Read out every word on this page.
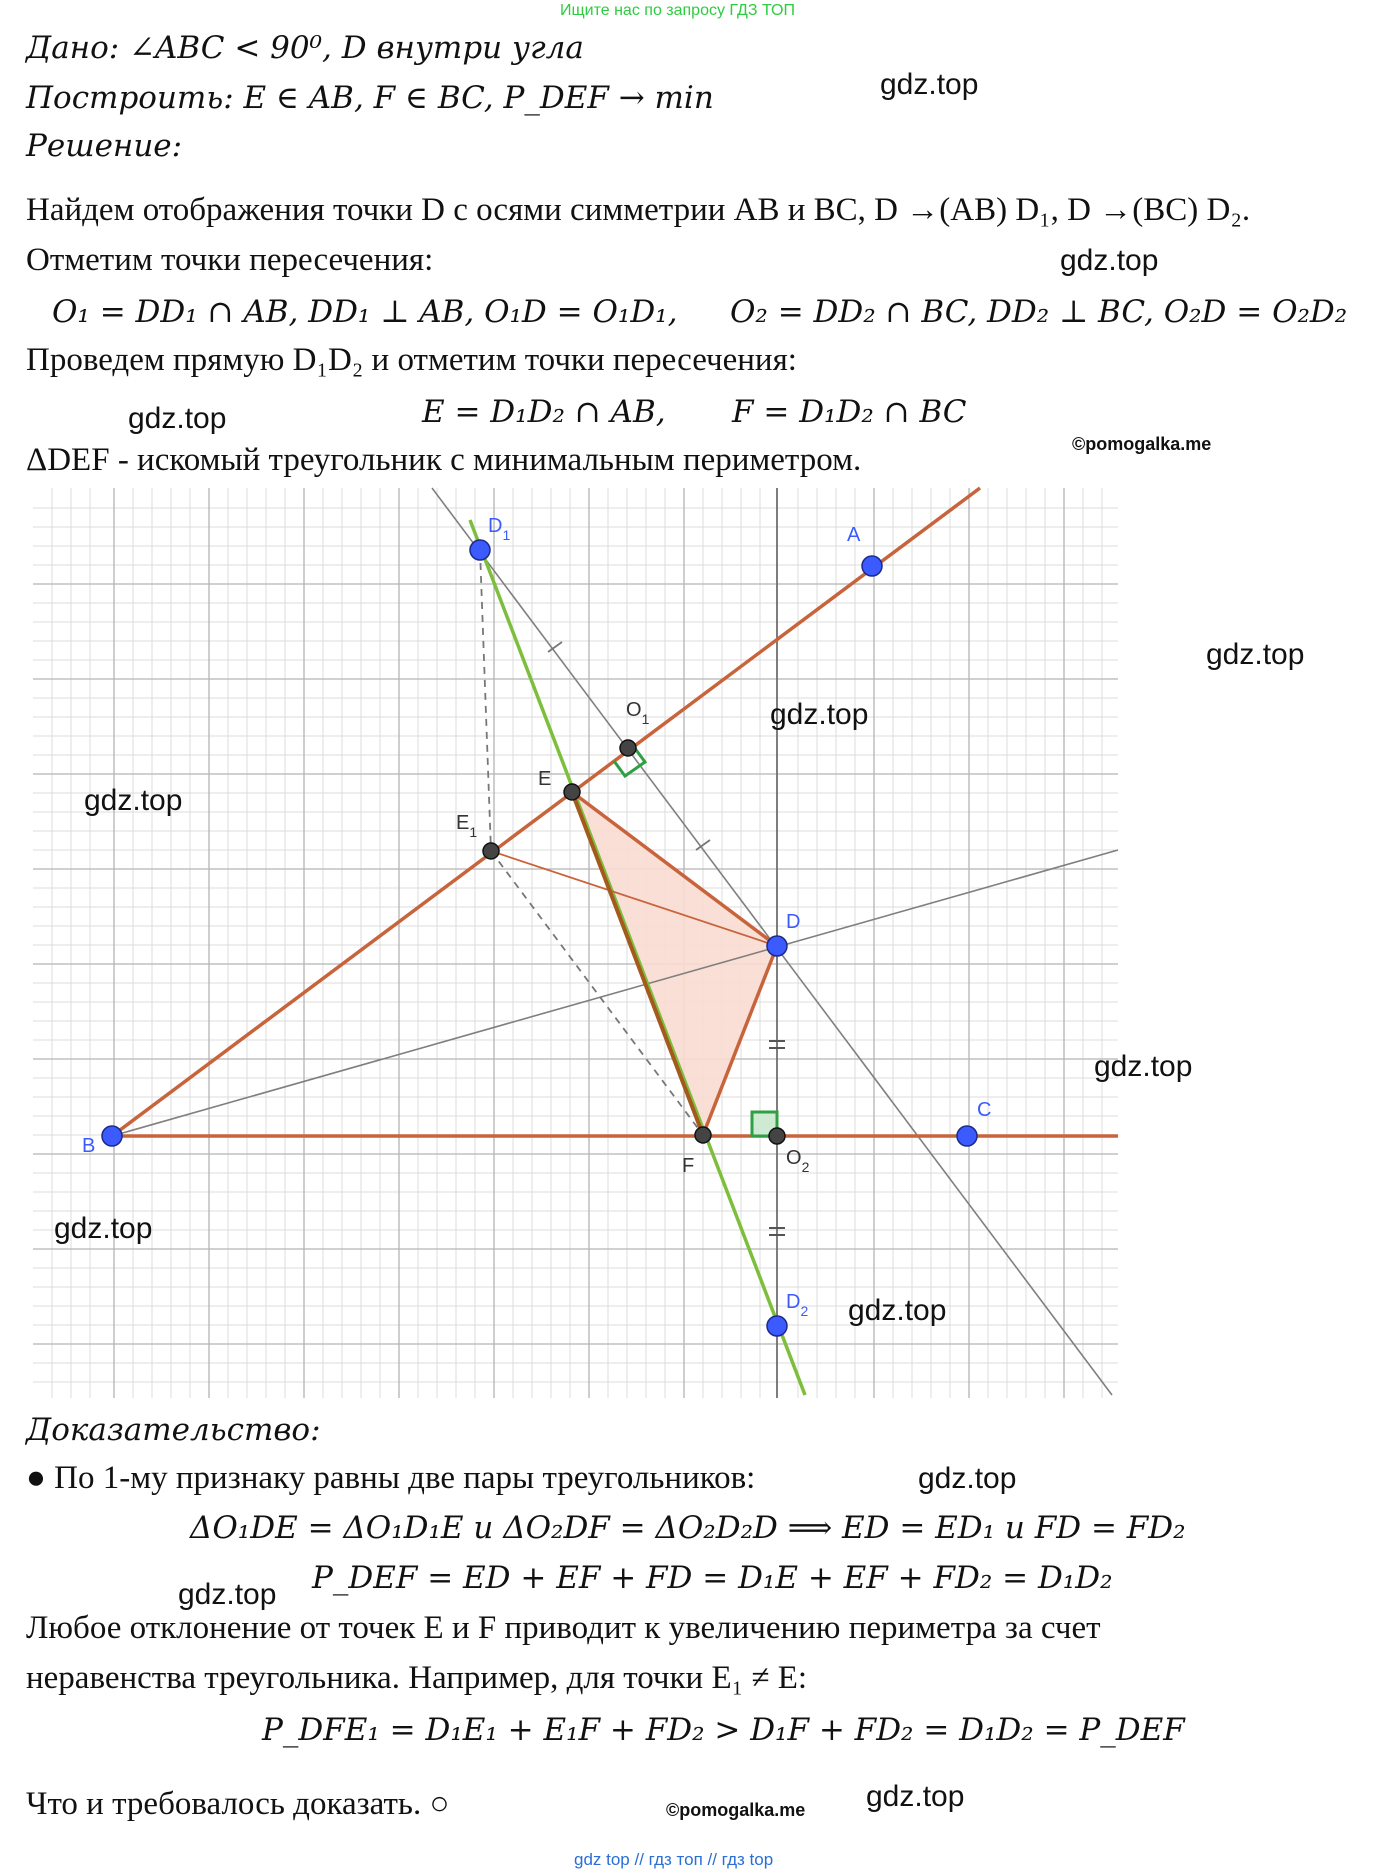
Ищите нас по запросу ГДЗ ТОП
Дано: ∠ABC < 90⁰, D внутри угла
Построить: E ∈ AB, F ∈ BC, P_DEF → min
Решение:
Найдем отображения точки D с осями симметрии AB и BC, D →(AB) D₁, D →(BC) D₂.
Отметим точки пересечения:
O₁ = DD₁ ∩ AB, DD₁ ⊥ AB, O₁D = O₁D₁, O₂ = DD₂ ∩ BC, DD₂ ⊥ BC, O₂D = O₂D₂
Проведем прямую D₁D₂ и отметим точки пересечения:
E = D₁D₂ ∩ AB, F = D₁D₂ ∩ BC
ΔDEF - искомый треугольник с минимальным периметром.
gdz.top
gdz.top
gdz.top
©pomogalka.me
$D_1$	A
$O_1$
E
$E_1$
D
B
F	$O_2$
C
$D_2$
gdz.top
gdz.top
gdz.top
gdz.top
gdz.top
gdz.top
Доказательство:
● По 1-му признаку равны две пары треугольников:
ΔO₁DE = ΔO₁D₁E и ΔO₂DF = ΔO₂D₂D ⟹ ED = ED₁ и FD = FD₂
P_DEF = ED + EF + FD = D₁E + EF + FD₂ = D₁D₂
Любое отклонение от точек E и F приводит к увеличению периметра за счет
неравенства треугольника. Например, для точки E₁ ≠ E:
P_DFE₁ = D₁E₁ + E₁F + FD₂ > D₁F + FD₂ = D₁D₂ = P_DEF
Что и требовалось доказать. ○
gdz.top
gdz.top
gdz.top
©pomogalka.me
gdz top // гдз топ // гдз top
